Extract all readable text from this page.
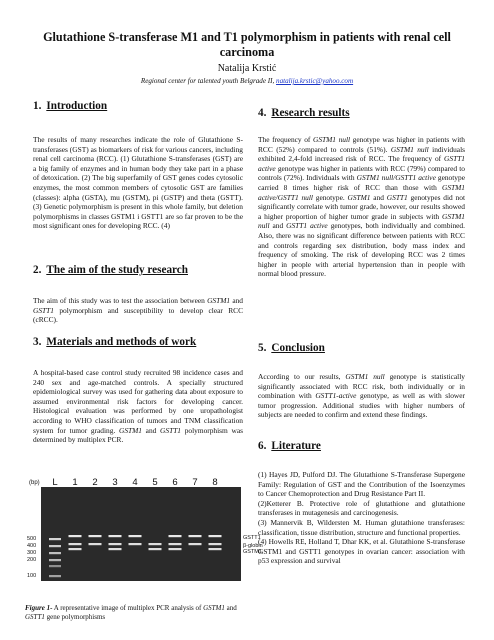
Glutathione S-transferase M1 and T1 polymorphism in patients with renal cell
carcinoma
Natalija Krstić
Regional center for talented youth Belgrade II, natalija.krstic@yahoo.com
1. Introduction
The results of many researches indicate the role of Glutathione S-transferases (GST) as biomarkers of risk for various cancers, including renal cell carcinoma (RCC). (1) Glutathione S-transferases (GST) are a big family of enzymes and in human body they take part in a phase of detoxication. (2) The big superfamily of GST genes codes cytosolic enzymes, the most common members of cytosolic GST are families (classes): alpha (GSTA), mu (GSTM), pi (GSTP) and theta (GSTT). (3) Genetic polymorphism is present in this whole family, but deletion polymorphisms in classes GSTM1 i GSTT1 are so far proven to be the most significant ones for developing RCC. (4)
2. The aim of the study research
The aim of this study was to test the association between GSTM1 and GSTT1 polymorphism and susceptibility to develop clear RCC (cRCC).
3. Materials and methods of work
A hospital-based case control study recruited 98 incidence cases and 240 sex and age-matched controls. A specially structured epidemiological survey was used for gathering data about exposure to assumed environmental risk factors for developing cancer. Histological evaluation was performed by one uropathologist according to WHO classification of tumors and TNM classification system for tumor grading. GSTM1 and GSTT1 polymorphism was determined by multiplex PCR.
(bp) L 1 2 3 4 5 6 7 8
500
400
300
200
100
GSTT1
β-globin
GSTM1
Figure 1- A representative image of multiplex PCR analysis of GSTM1 and GSTT1 gene polymorphisms
4. Research results
The frequency of GSTM1 null genotype was higher in patients with RCC (52%) compared to controls (51%). GSTM1 null individuals exhibited 2,4-fold increased risk of RCC. The frequency of GSTT1 active genotype was higher in patients with RCC (79%) compared to controls (72%). Individuals with GSTM1 null/GSTT1 active genotype carried 8 times higher risk of RCC than those with GSTM1 active/GSTT1 null genotype. GSTM1 and GSTT1 genotypes did not significantly correlate with tumor grade, however, our results showed a higher proportion of higher tumor grade in subjects with GSTM1 null and GSTT1 active genotypes, both individually and combined. Also, there was no significant difference between patients with RCC and controls regarding sex distribution, body mass index and frequency of smoking. The risk of developing RCC was 2 times higher in people with arterial hypertension than in people with normal blood pressure.
5. Conclusion
According to our results, GSTM1 null genotype is statistically significantly associated with RCC risk, both individually or in combination with GSTT1-active genotype, as well as with slower tumor progression. Additional studies with higher numbers of subjects are needed to confirm and extend these findings.
6. Literature
(1) Hayes JD, Pulford DJ. The Glutathione S-Transferase Supergene Family: Regulation of GST and the Contribution of the Isoenzymes to Cancer Chemoprotection and Drug Resistance Part II.
(2)Ketterer B. Protective role of glutathione and glutathione transferases in mutagenesis and carcinogenesis.
(3) Mannervik B, Wildersten M. Human glutathione transferases: classification, tissue distribution, structure and functional properties.
(4) Howells RE, Holland T, Dhar KK, et al. Glutathione S-transferase GSTM1 and GSTT1 genotypes in ovarian cancer: association with p53 expression and survival
